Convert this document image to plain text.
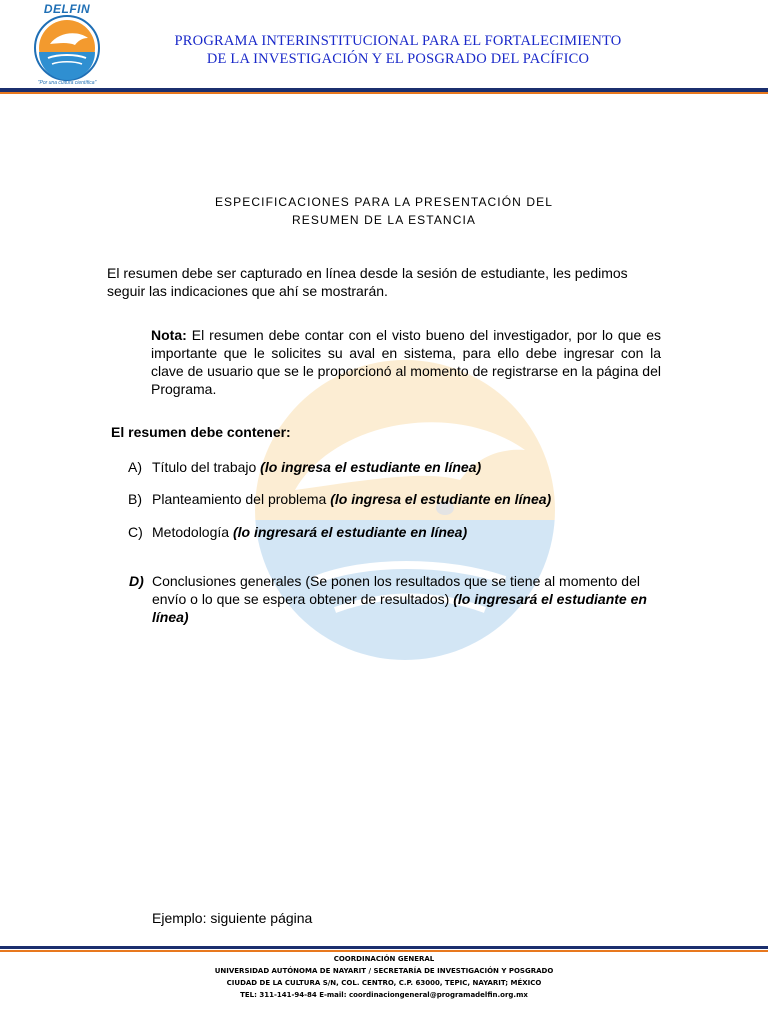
DELFIN
"Por una cultura científica"
PROGRAMA INTERINSTITUCIONAL PARA EL FORTALECIMIENTO
DE LA INVESTIGACIÓN Y EL POSGRADO DEL PACÍFICO
ESPECIFICACIONES PARA LA PRESENTACIÓN DEL
RESUMEN DE LA ESTANCIA
El resumen debe ser capturado en línea desde la sesión de estudiante, les pedimos seguir las indicaciones que ahí se mostrarán.
Nota: El resumen debe contar con el visto bueno del investigador, por lo que es importante que le solicites su aval en sistema, para ello debe ingresar con la clave de usuario que se le proporcionó al momento de registrarse en la página del Programa.
El resumen debe contener:
A) Título del trabajo (lo ingresa el estudiante en línea)
B) Planteamiento del problema (lo ingresa el estudiante en línea)
C) Metodología (lo ingresará el estudiante en línea)
D) Conclusiones generales (Se ponen los resultados que se tiene al momento del envío o lo que se espera obtener de resultados) (lo ingresará el estudiante en línea)
Ejemplo: siguiente página
COORDINACIÓN GENERAL
UNIVERSIDAD AUTÓNOMA DE NAYARIT / SECRETARÍA DE INVESTIGACIÓN Y POSGRADO
CIUDAD DE LA CULTURA S/N, COL. CENTRO, C.P. 63000, TEPIC, NAYARIT; MÉXICO
TEL: 311-141-94-84 E-mail: coordinaciongeneral@programadelfin.org.mx
